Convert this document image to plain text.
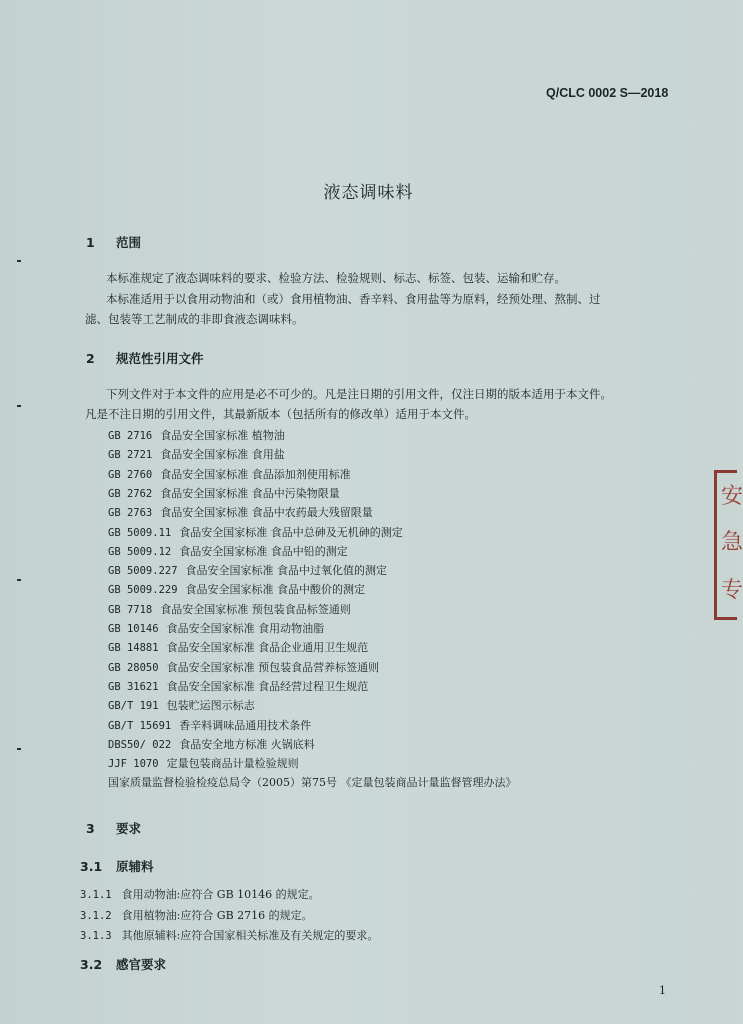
Q/CLC 0002 S—2018
液态调味料
1 范围
本标准规定了液态调味料的要求、检验方法、检验规则、标志、标签、包装、运输和贮存。
本标准适用于以食用动物油和（或）食用植物油、香辛料、食用盐等为原料，经预处理、熬制、过
滤、包装等工艺制成的非即食液态调味料。
2 规范性引用文件
下列文件对于本文件的应用是必不可少的。凡是注日期的引用文件，仅注日期的版本适用于本文件。
凡是不注日期的引用文件，其最新版本（包括所有的修改单）适用于本文件。
GB 2716 食品安全国家标准 植物油
GB 2721 食品安全国家标准 食用盐
GB 2760 食品安全国家标准 食品添加剂使用标准
GB 2762 食品安全国家标准 食品中污染物限量
GB 2763 食品安全国家标准 食品中农药最大残留限量
GB 5009.11 食品安全国家标准 食品中总砷及无机砷的测定
GB 5009.12 食品安全国家标准 食品中铅的测定
GB 5009.227 食品安全国家标准 食品中过氧化值的测定
GB 5009.229 食品安全国家标准 食品中酸价的测定
GB 7718 食品安全国家标准 预包装食品标签通则
GB 10146 食品安全国家标准 食用动物油脂
GB 14881 食品安全国家标准 食品企业通用卫生规范
GB 28050 食品安全国家标准 预包装食品营养标签通则
GB 31621 食品安全国家标准 食品经营过程卫生规范
GB/T 191 包装贮运图示标志
GB/T 15691 香辛料调味品通用技术条件
DBS50/ 022 食品安全地方标准 火锅底料
JJF 1070 定量包装商品计量检验规则
国家质量监督检验检疫总局令（2005）第75号 《定量包装商品计量监督管理办法》
3 要求
3.1 原辅料
3.1.1 食用动物油:应符合 GB 10146 的规定。
3.1.2 食用植物油:应符合 GB 2716 的规定。
3.1.3 其他原辅料:应符合国家相关标准及有关规定的要求。
3.2 感官要求
1
安
急
专
